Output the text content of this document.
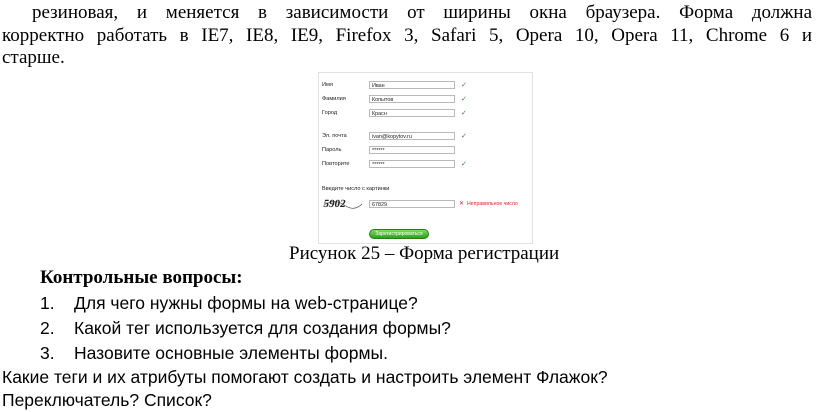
резиновая, и меняется в зависимости от ширины окна браузера. Форма должна
корректно работать в IE7, IE8, IE9, Firefox 3, Safari 5, Opera 10, Opera 11, Chrome 6 и
старше.
Имя	Иван	✓
Фамилия	Копытов	✓
Город	Красн	✓
Эл. почта	ivan@kopytov.ru	✓
Пароль	******
Повторите	******	✓
Введите число с картинки
5902	67829	✕ Неправильное число
Зарегистрироваться
Рисунок 25 – Форма регистрации
Контрольные вопросы:
1. Для чего нужны формы на web-странице?
2. Какой тег используется для создания формы?
3. Назовите основные элементы формы.
Какие теги и их атрибуты помогают создать и настроить элемент Флажок?
Переключатель? Список?
